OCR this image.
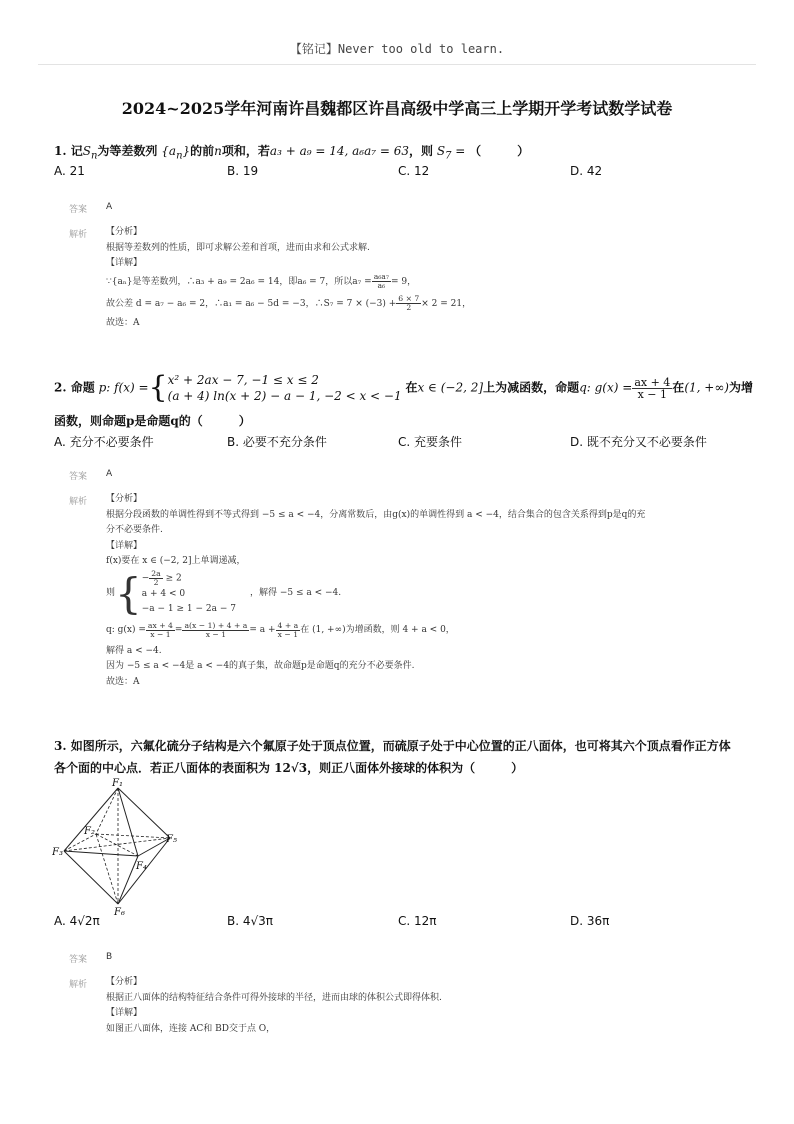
【铭记】Never too old to learn.
2024~2025学年河南许昌魏都区许昌高级中学高三上学期开学考试数学试卷
1. 记$S_n$为等差数列 $\{a_n\}$的前n项和，若a₃ + a₉ = 14, a₆a₇ = 63，则 $S_7$ = （　　　）
A. 21	B. 19	C. 12	D. 42
答案 A
解析 【分析】
根据等差数列的性质，即可求解公差和首项，进而由求和公式求解.
【详解】
∵{aₙ}是等差数列，∴a₃ + a₉ = 2a₆ = 14，即a₆ = 7，所以$a_7 = \frac{\text{a₆a₇}}{\text{a₆}} = 9$，
故公差 d = a₇ − a₆ = 2，∴a₁ = a₆ − 5d = −3，∴S₇ = $7 \times (-3) + \frac{6 \times 7}{2} \times 2 = 21$，
故选：A
2. 命题 p: f(x) ={ x² + 2ax − 7, −1 ≤ x ≤ 2
(a + 4) ln(x + 2) − a − 1, −2 < x < −1
在x ∈ (−2, 2]上为减函数，命题q: $g(x) = \frac{ax + 4}{x - 1}$ 在(1, +∞)为增
函数，则命题p是命题q的（　　　）
A. 充分不必要条件	B. 必要不充分条件	C. 充要条件	D. 既不充分又不必要条件
答案 A
解析 【分析】
根据分段函数的单调性得到不等式得到 −5 ≤ a < −4，分离常数后，由g(x)的单调性得到 a < −4，结合集合的包含关系得到p是q的充
分不必要条件.
【详解】
f(x)要在 x ∈ (−2, 2]上单调递减，
则 { − $\frac{2a}{2} \ge 2$
a + 4 < 0
−a − 1 ≥ 1 − 2a − 7
，解得 −5 ≤ a < −4.
q: $g(x) = \frac{ax + 4}{x - 1} = \frac{a(x - 1) + 4 + a}{x - 1} = a + \frac{4 + a}{x - 1}$ 在 (1, +∞)为增函数，则 4 + a < 0，
解得 a < −4.
因为 −5 ≤ a < −4是 a < −4的真子集，故命题p是命题q的充分不必要条件.
故选：A
3. 如图所示，六氟化硫分子结构是六个氟原子处于顶点位置，而硫原子处于中心位置的正八面体，也可将其六个顶点看作正方体
各个面的中心点．若正八面体的表面积为 12√3，则正八面体外接球的体积为（　　　）
F₁
F₂
F₃
F₄
F₅
F₆
A. 4√2π	B. 4√3π	C. 12π	D. 36π
答案 B
解析 【分析】
根据正八面体的结构特征结合条件可得外接球的半径，进而由球的体积公式即得体积.
【详解】
如图正八面体，连接 AC和 BD交于点 O，
